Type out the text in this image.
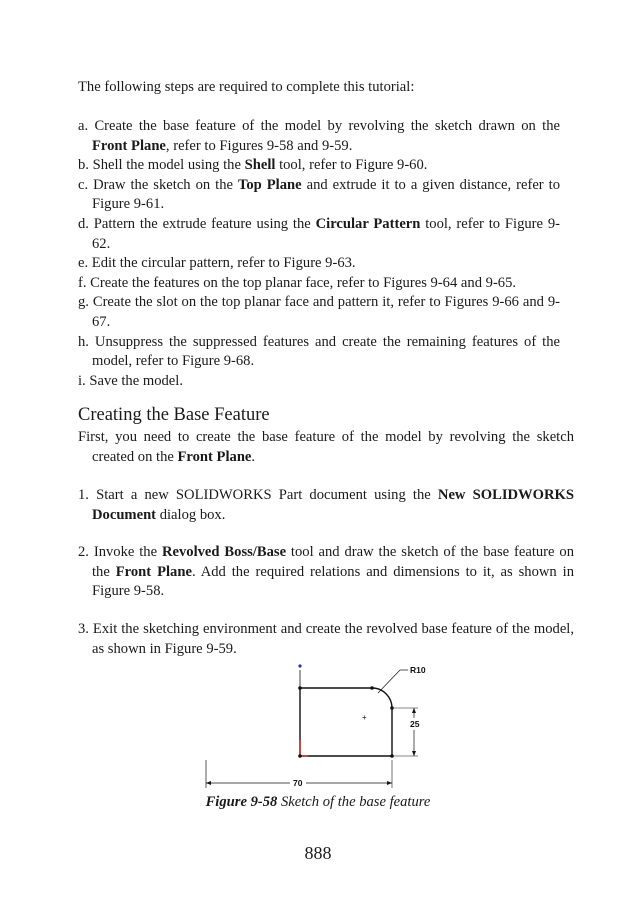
The following steps are required to complete this tutorial:

a. Create the base feature of the model by revolving the sketch drawn on the Front Plane, refer to Figures 9-58 and 9-59.

b. Shell the model using the Shell tool, refer to Figure 9-60.

c. Draw the sketch on the Top Plane and extrude it to a given distance, refer to Figure 9-61.

d. Pattern the extrude feature using the Circular Pattern tool, refer to Figure 9-62.

e. Edit the circular pattern, refer to Figure 9-63.

f. Create the features on the top planar face, refer to Figures 9-64 and 9-65.

g. Create the slot on the top planar face and pattern it, refer to Figures 9-66 and 9-67.

h. Unsuppress the suppressed features and create the remaining features of the model, refer to Figure 9-68.

i. Save the model.

Creating the Base Feature

First, you need to create the base feature of the model by revolving the sketch created on the Front Plane.

1. Start a new SOLIDWORKS Part document using the New SOLIDWORKS Document dialog box.

2. Invoke the Revolved Boss/Base tool and draw the sketch of the base feature on the Front Plane. Add the required relations and dimensions to it, as shown in Figure 9-58.

3. Exit the sketching environment and create the revolved base feature of the model, as shown in Figure 9-59.

+
R10
25
70
Figure 9-58 Sketch of the base feature
888
